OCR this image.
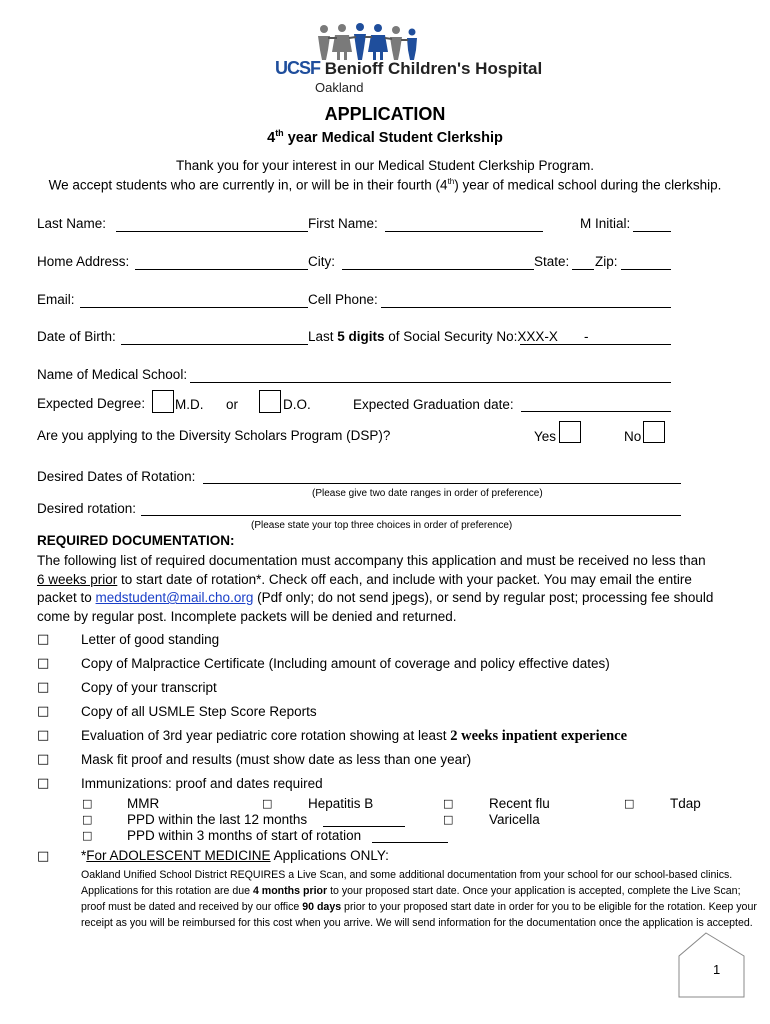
UCSF Benioff Children's Hospital
Oakland
APPLICATION
4th year Medical Student Clerkship
Thank you for your interest in our Medical Student Clerkship Program.
We accept students who are currently in, or will be in their fourth (4th) year of medical school during the clerkship.
Last Name:	First Name:	M Initial:
Home Address:	City:	State: Zip:
Email:	Cell Phone:
Date of Birth:	Last 5 digits of Social Security No:XXX-X -
Name of Medical School:
Expected Degree: M.D. or	D.O.	Expected Graduation date:
Are you applying to the Diversity Scholars Program (DSP)?	Yes	No
Desired Dates of Rotation:
(Please give two date ranges in order of preference)
Desired rotation:
(Please state your top three choices in order of preference)
REQUIRED DOCUMENTATION:
The following list of required documentation must accompany this application and must be received no less than
6 weeks prior to start date of rotation*. Check off each, and include with your packet. You may email the entire
packet to medstudent@mail.cho.org (Pdf only; do not send jpegs), or send by regular post; processing fee should
come by regular post. Incomplete packets will be denied and returned.
□ Letter of good standing
□ Copy of Malpractice Certificate (Including amount of coverage and policy effective dates)
□ Copy of your transcript
□ Copy of all USMLE Step Score Reports
□ Evaluation of 3rd year pediatric core rotation showing at least 2 weeks inpatient experience
□ Mask fit proof and results (must show date as less than one year)
□ Immunizations: proof and dates required
□	MMR	□	Hepatitis B	□	Recent flu	□	Tdap
□	PPD within the last 12 months	□	Varicella
□	PPD within 3 months of start of rotation
□ *For ADOLESCENT MEDICINE Applications ONLY:
Oakland Unified School District REQUIRES a Live Scan, and some additional documentation from your school for our school-based clinics. Applications for this rotation are due 4 months prior to your proposed start date. Once your application is accepted, complete the Live Scan; proof must be dated and received by our office 90 days prior to your proposed start date in order for you to be eligible for the rotation. Keep your receipt as you will be reimbursed for this cost when you arrive. We will send information for the documentation once the application is accepted.
1
